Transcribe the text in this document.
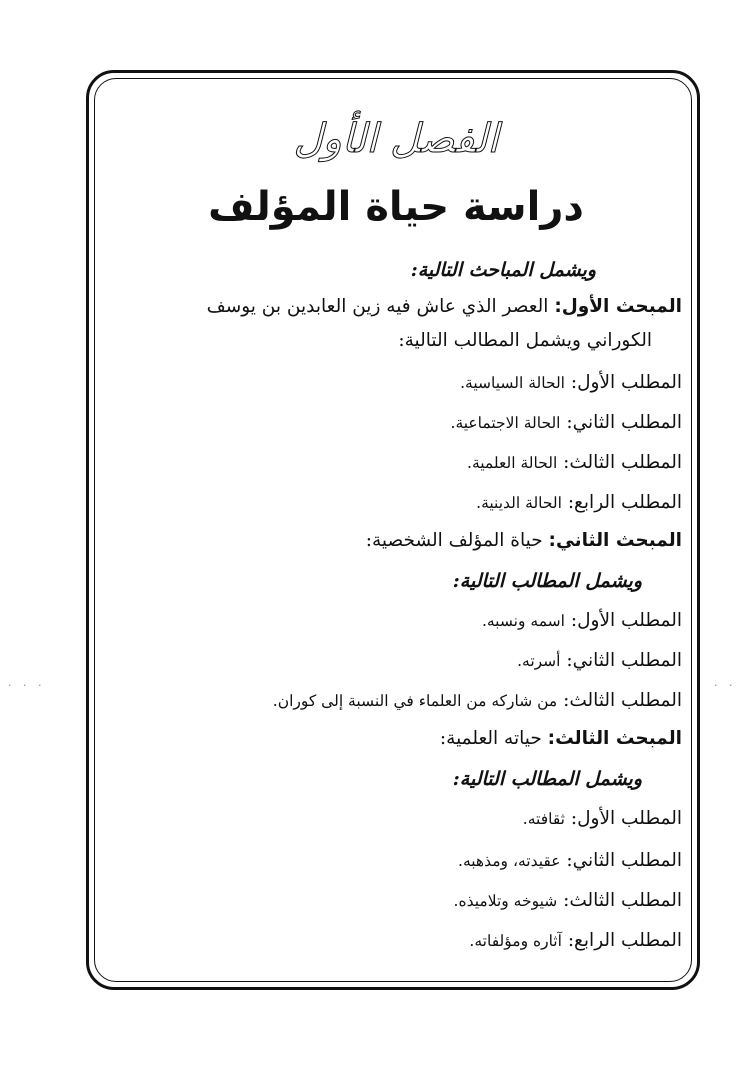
. . .	. .
الفصل الأول
دراسة حياة المؤلف
ويشمل المباحث التالية:
المبحث الأول: العصر الذي عاش فيه زين العابدين بن يوسف
الكوراني ويشمل المطالب التالية:
المطلب الأول: الحالة السياسية.
المطلب الثاني: الحالة الاجتماعية.
المطلب الثالث: الحالة العلمية.
المطلب الرابع: الحالة الدينية.
المبحث الثاني: حياة المؤلف الشخصية:
ويشمل المطالب التالية:
المطلب الأول: اسمه ونسبه.
المطلب الثاني: أسرته.
المطلب الثالث: من شاركه من العلماء في النسبة إلى كوران.
المبحث الثالث: حياته العلمية:
ويشمل المطالب التالية:
المطلب الأول: ثقافته.
المطلب الثاني: عقيدته، ومذهبه.
المطلب الثالث: شيوخه وتلاميذه.
المطلب الرابع: آثاره ومؤلفاته.
